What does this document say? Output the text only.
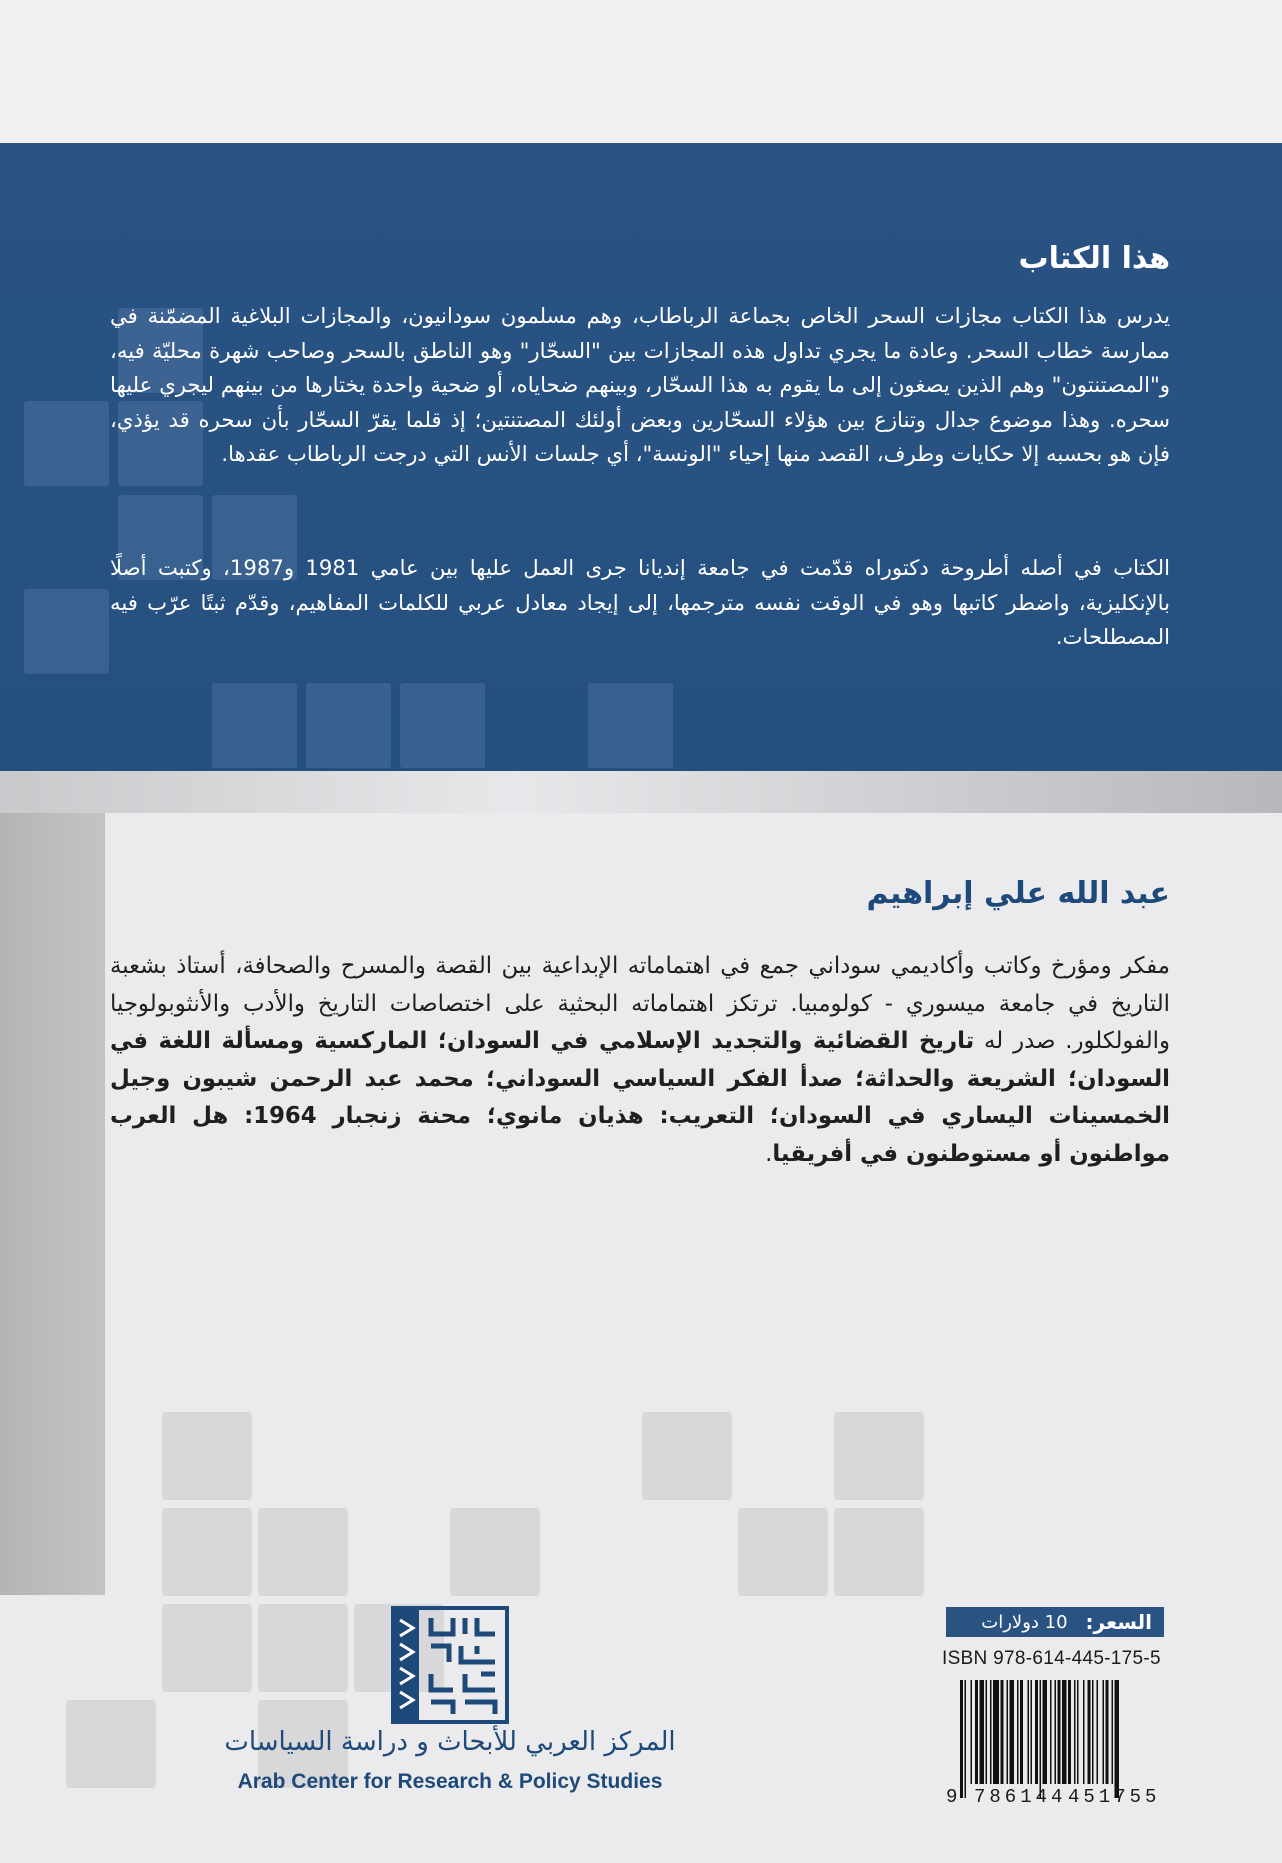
هذا الكتاب

يدرس هذا الكتاب مجازات السحر الخاص بجماعة الرباطاب، وهم مسلمون سودانيون، والمجازات البلاغية المضمّنة في ممارسة خطاب السحر. وعادة ما يجري تداول هذه المجازات بين "السحّار" وهو الناطق بالسحر وصاحب شهرة محليّة فيه، و"المصتنتون" وهم الذين يصغون إلى ما يقوم به هذا السحّار، وبينهم ضحاياه، أو ضحية واحدة يختارها من بينهم ليجري عليها سحره. وهذا موضوع جدال وتنازع بين هؤلاء السحّارين وبعض أولئك المصتنتين؛ إذ قلما يقرّ السحّار بأن سحره قد يؤذي، فإن هو بحسبه إلا حكايات وطرف، القصد منها إحياء "الونسة"، أي جلسات الأنس التي درجت الرباطاب عقدها.

الكتاب في أصله أطروحة دكتوراه قدّمت في جامعة إنديانا جرى العمل عليها بين عامي 1981 و1987، وكتبت أصلًا بالإنكليزية، واضطر كاتبها وهو في الوقت نفسه مترجمها، إلى إيجاد معادل عربي للكلمات المفاهيم، وقدّم ثبتًا عرّب فيه المصطلحات.

عبد الله علي إبراهيم

مفكر ومؤرخ وكاتب وأكاديمي سوداني جمع في اهتماماته الإبداعية بين القصة والمسرح والصحافة، أستاذ بشعبة التاريخ في جامعة ميسوري - كولومبيا. ترتكز اهتماماته البحثية على اختصاصات التاريخ والأدب والأنثوبولوجيا والفولكلور. صدر له تاريخ القضائية والتجديد الإسلامي في السودان؛ الماركسية ومسألة اللغة في السودان؛ الشريعة والحداثة؛ صدأ الفكر السياسي السوداني؛ محمد عبد الرحمن شيبون وجيل الخمسينات اليساري في السودان؛ التعريب: هذيان مانوي؛ محنة زنجبار 1964: هل العرب مواطنون أو مستوطنون في أفريقيا.

المركز العربي للأبحاث و دراسة السياسات

Arab Center for Research & Policy Studies

السعر:
10 دولارات
ISBN 978-614-445-175-5
9 786144 451755
